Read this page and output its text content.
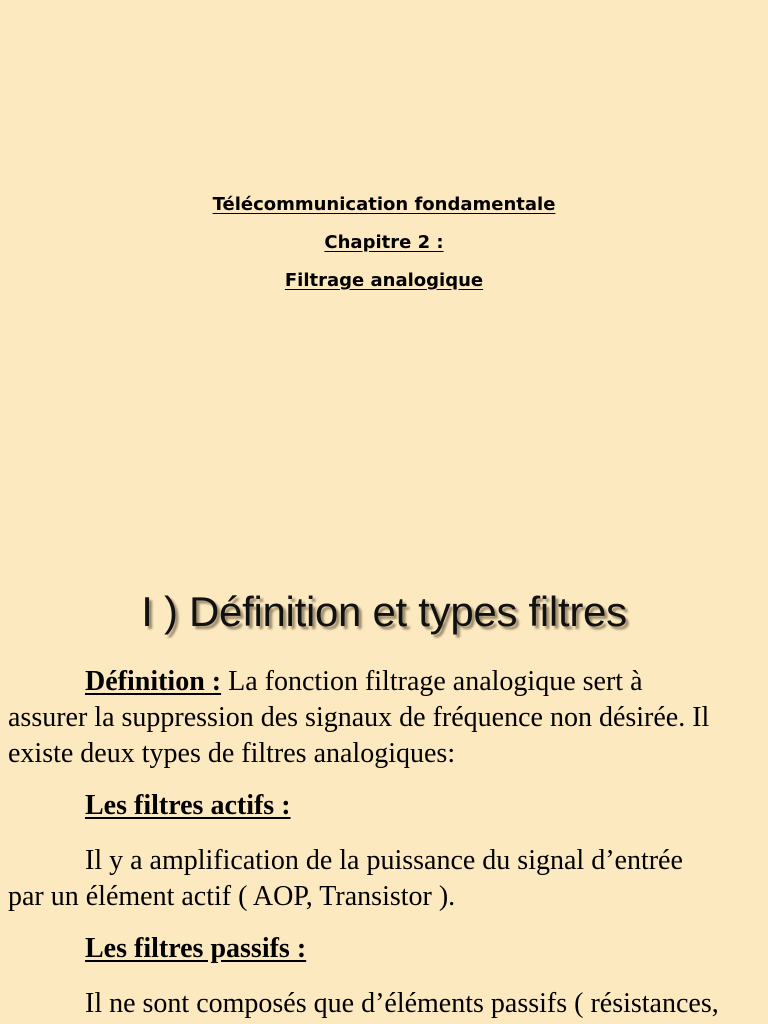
Télécommunication fondamentale
Chapitre 2 :
Filtrage analogique
I ) Définition et types filtres
Définition : La fonction filtrage analogique sert à
assurer la suppression des signaux de fréquence non désirée. Il existe deux types de filtres analogiques:
Les filtres actifs :
Il y a amplification de la puissance du signal d’entrée
par un élément actif ( AOP, Transistor ).
Les filtres passifs :
Il ne sont composés que d’éléments passifs ( résistances,
